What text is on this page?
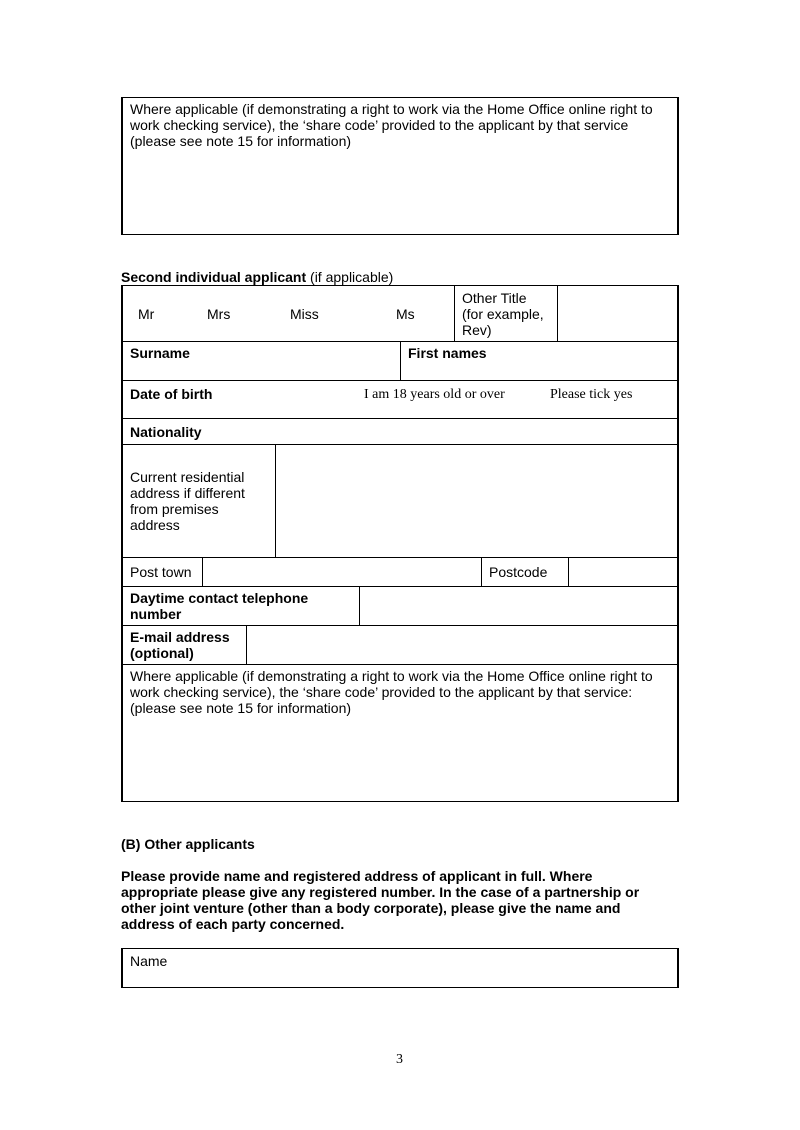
Where applicable (if demonstrating a right to work via the Home Office online right to
work checking service), the ‘share code’ provided to the applicant by that service
(please see note 15 for information)

Second individual applicant (if applicable)

Mr	Mrs	Miss	Ms
Other Title
(for example,
Rev)
Surname	First names
Date of birth	I am 18 years old or over	Please tick yes
Nationality
Current residential
address if different
from premises
address
Post town	Postcode
Daytime contact telephone
number
E-mail address
(optional)
Where applicable (if demonstrating a right to work via the Home Office online right to
work checking service), the ‘share code’ provided to the applicant by that service:
(please see note 15 for information)
(B) Other applicants
Please provide name and registered address of applicant in full. Where
appropriate please give any registered number. In the case of a partnership or
other joint venture (other than a body corporate), please give the name and
address of each party concerned.
Name
3
